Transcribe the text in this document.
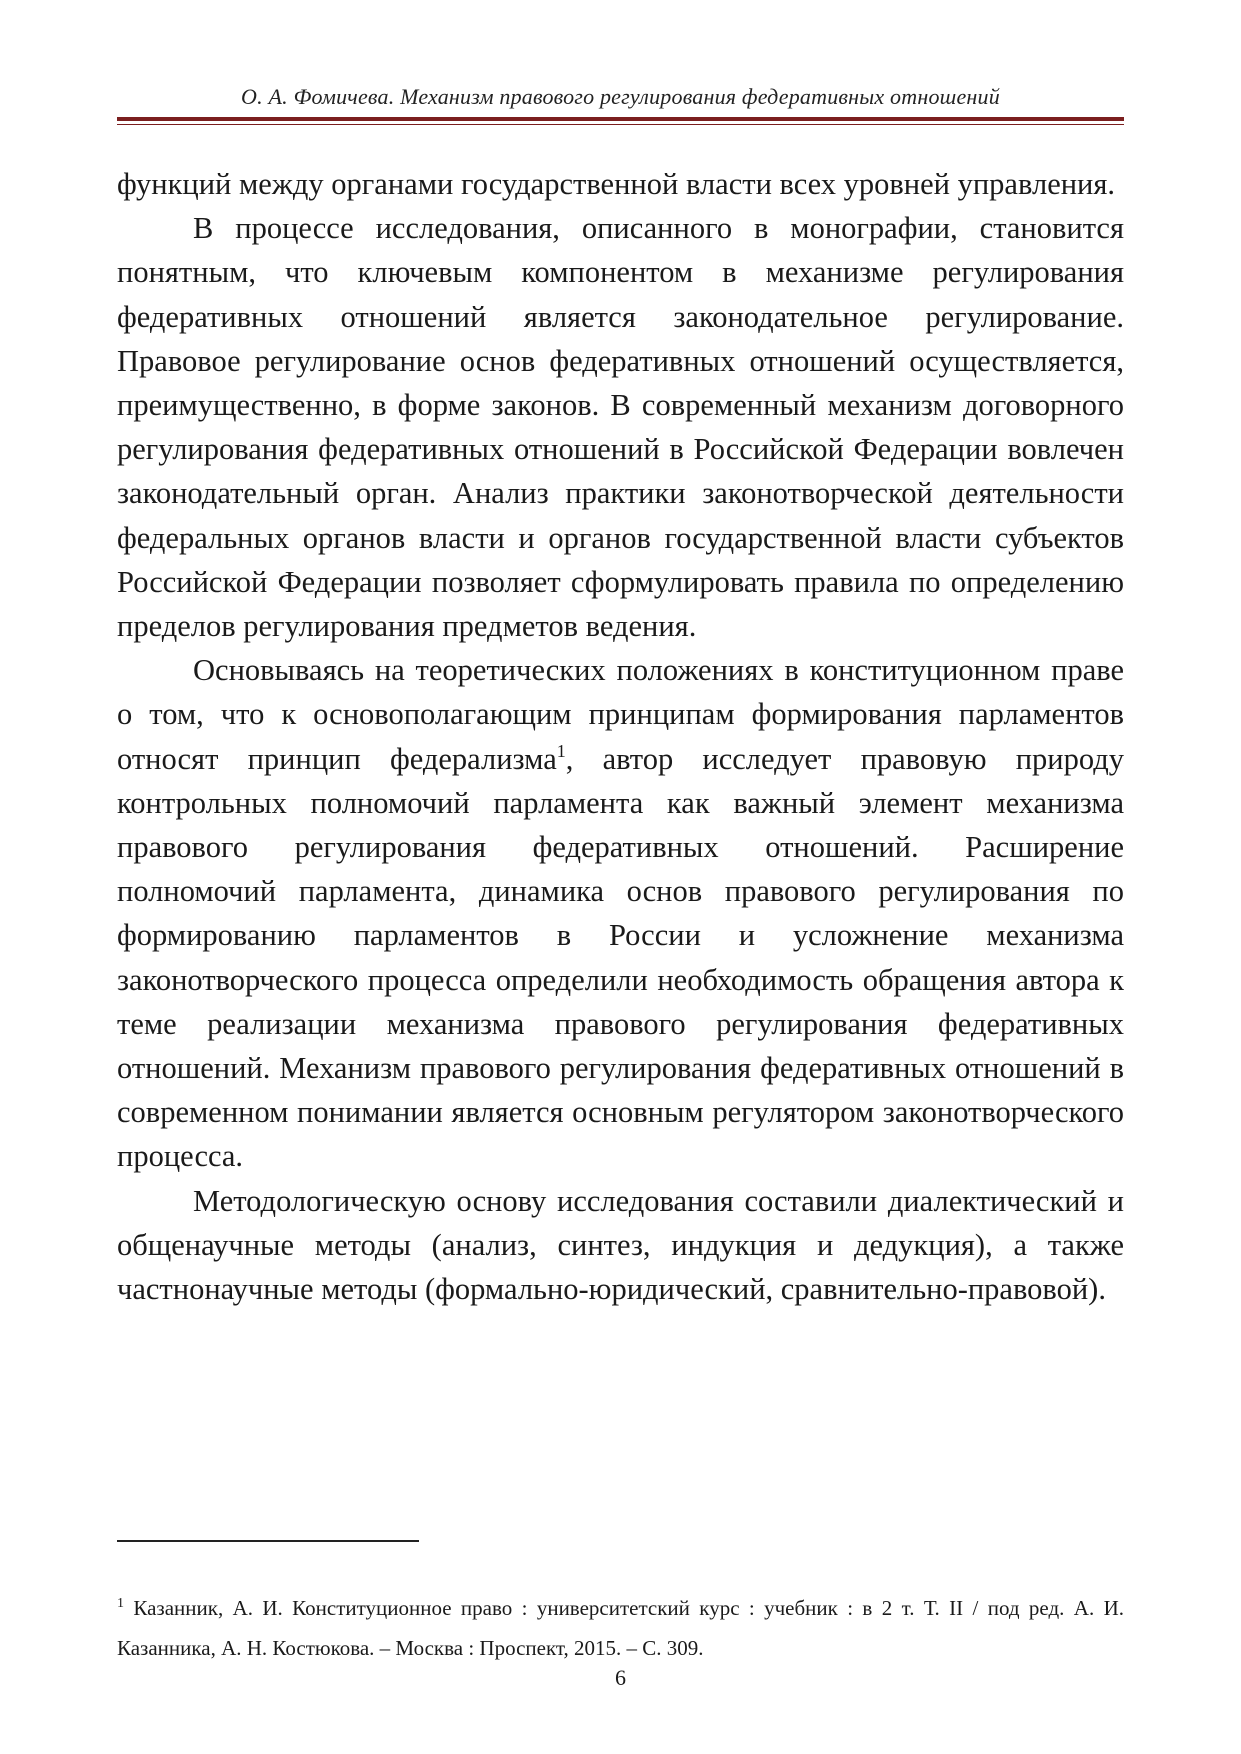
О. А. Фомичева. Механизм правового регулирования федеративных отношений

функций между органами государственной власти всех уровней управления.

В процессе исследования, описанного в монографии, становится понятным, что ключевым компонентом в механизме регулирования федеративных отношений является законодательное регулирование. Правовое регулирование основ федеративных отношений осуществляется, преимущественно, в форме законов. В современный механизм договорного регулирования федеративных отношений в Российской Федерации вовлечен законодательный орган. Анализ практики законотворческой деятельности федеральных органов власти и органов государственной власти субъектов Российской Федерации позволяет сформулировать правила по определению пределов регулирования предметов ведения.

Основываясь на теоретических положениях в конституционном праве о том, что к основополагающим принципам формирования парламентов относят принцип федерализма$^1$, автор исследует правовую природу контрольных полномочий парламента как важный элемент механизма правового регулирования федеративных отношений. Расширение полномочий парламента, динамика основ правового регулирования по формированию парламентов в России и усложнение механизма законотворческого процесса определили необходимость обращения автора к теме реализации механизма правового регулирования федеративных отношений. Механизм правового регулирования федеративных отношений в современном понимании является основным регулятором законотворческого процесса.

Методологическую основу исследования составили диалектический и общенаучные методы (анализ, синтез, индукция и дедукция), а также частнонаучные методы (формально-юридический, сравнительно-правовой).

$^1$ Казанник, А. И. Конституционное право : университетский курс : учебник : в 2 т. Т. II / под ред. А. И. Казанника, А. Н. Костюкова. – Москва : Проспект, 2015. – С. 309.
6
